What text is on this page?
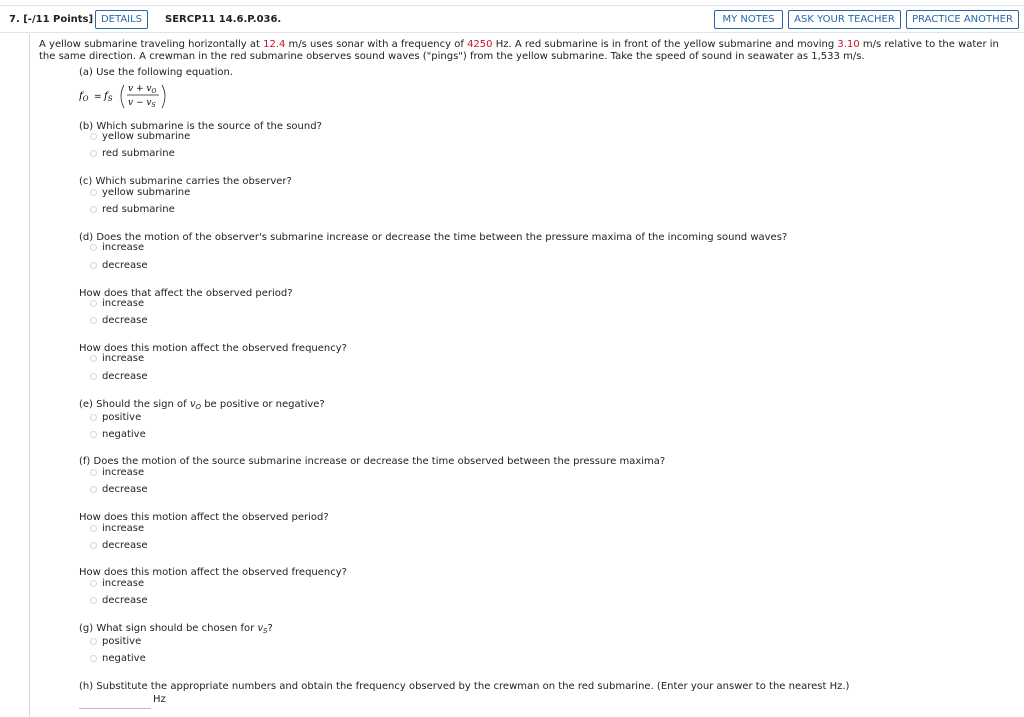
7. [-/11 Points] DETAILS	SERCP11 14.6.P.036.	MY NOTES	ASK YOUR TEACHER	PRACTICE ANOTHER
A yellow submarine traveling horizontally at 12.4 m/s uses sonar with a frequency of 4250 Hz. A red submarine is in front of the yellow submarine and moving 3.10 m/s relative to the water in the same direction. A crewman in the red submarine observes sound waves ("pings") from the yellow submarine. Take the speed of sound in seawater as 1,533 m/s.
(a) Use the following equation.
$f_O = f_S$
$v + v_O$
$v - v_S$
(b) Which submarine is the source of the sound?
yellow submarine
red submarine
(c) Which submarine carries the observer?
yellow submarine
red submarine
(d) Does the motion of the observer's submarine increase or decrease the time between the pressure maxima of the incoming sound waves?
increase
decrease
How does that affect the observed period?
increase
decrease
How does this motion affect the observed frequency?
increase
decrease
(e) Should the sign of $v_O$ be positive or negative?
positive
negative
(f) Does the motion of the source submarine increase or decrease the time observed between the pressure maxima?
increase
decrease
How does this motion affect the observed period?
increase
decrease
How does this motion affect the observed frequency?
increase
decrease
(g) What sign should be chosen for $v_S$?
positive
negative
(h) Substitute the appropriate numbers and obtain the frequency observed by the crewman on the red submarine. (Enter your answer to the nearest Hz.)
Hz
